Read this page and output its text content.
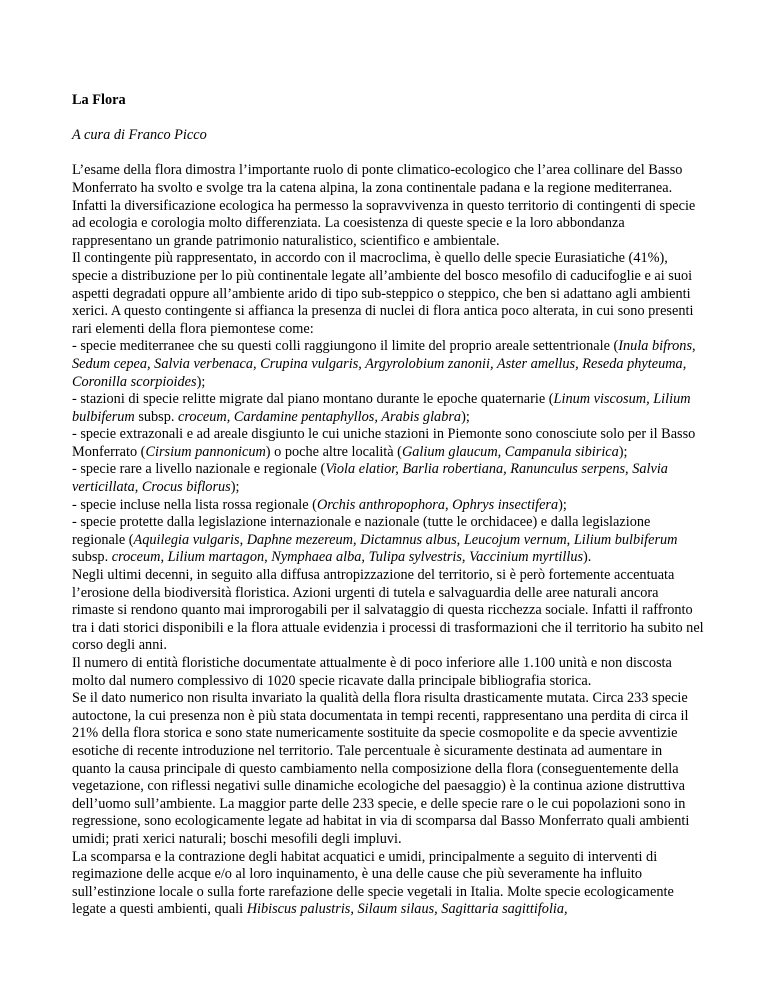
La Flora

A cura di Franco Picco

L’esame della flora dimostra l’importante ruolo di ponte climatico-ecologico che l’area collinare del Basso Monferrato ha svolto e svolge tra la catena alpina, la zona continentale padana e la regione mediterranea. Infatti la diversificazione ecologica ha permesso la sopravvivenza in questo territorio di contingenti di specie ad ecologia e corologia molto differenziata. La coesistenza di queste specie e la loro abbondanza rappresentano un grande patrimonio naturalistico, scientifico e ambientale.

Il contingente più rappresentato, in accordo con il macroclima, è quello delle specie Eurasiatiche (41%), specie a distribuzione per lo più continentale legate all’ambiente del bosco mesofilo di caducifoglie e ai suoi aspetti degradati oppure all’ambiente arido di tipo sub-steppico o steppico, che ben si adattano agli ambienti xerici. A questo contingente si affianca la presenza di nuclei di flora antica poco alterata, in cui sono presenti rari elementi della flora piemontese come:

- specie mediterranee che su questi colli raggiungono il limite del proprio areale settentrionale (Inula bifrons, Sedum cepea, Salvia verbenaca, Crupina vulgaris, Argyrolobium zanonii, Aster amellus, Reseda phyteuma, Coronilla scorpioides);

- stazioni di specie relitte migrate dal piano montano durante le epoche quaternarie (Linum viscosum, Lilium bulbiferum subsp. croceum, Cardamine pentaphyllos, Arabis glabra);

- specie extrazonali e ad areale disgiunto le cui uniche stazioni in Piemonte sono conosciute solo per il Basso Monferrato (Cirsium pannonicum) o poche altre località (Galium glaucum, Campanula sibirica);

- specie rare a livello nazionale e regionale (Viola elatior, Barlia robertiana, Ranunculus serpens, Salvia verticillata, Crocus biflorus);

- specie incluse nella lista rossa regionale (Orchis anthropophora, Ophrys insectifera);

- specie protette dalla legislazione internazionale e nazionale (tutte le orchidacee) e dalla legislazione regionale (Aquilegia vulgaris, Daphne mezereum, Dictamnus albus, Leucojum vernum, Lilium bulbiferum subsp. croceum, Lilium martagon, Nymphaea alba, Tulipa sylvestris, Vaccinium myrtillus).

Negli ultimi decenni, in seguito alla diffusa antropizzazione del territorio, si è però fortemente accentuata l’erosione della biodiversità floristica. Azioni urgenti di tutela e salvaguardia delle aree naturali ancora rimaste si rendono quanto mai improrogabili per il salvataggio di questa ricchezza sociale. Infatti il raffronto tra i dati storici disponibili e la flora attuale evidenzia i processi di trasformazioni che il territorio ha subito nel corso degli anni.

Il numero di entità floristiche documentate attualmente è di poco inferiore alle 1.100 unità e non discosta molto dal numero complessivo di 1020 specie ricavate dalla principale bibliografia storica.

Se il dato numerico non risulta invariato la qualità della flora risulta drasticamente mutata. Circa 233 specie autoctone, la cui presenza non è più stata documentata in tempi recenti, rappresentano una perdita di circa il 21% della flora storica e sono state numericamente sostituite da specie cosmopolite e da specie avventizie esotiche di recente introduzione nel territorio. Tale percentuale è sicuramente destinata ad aumentare in quanto la causa principale di questo cambiamento nella composizione della flora (conseguentemente della vegetazione, con riflessi negativi sulle dinamiche ecologiche del paesaggio) è la continua azione distruttiva dell’uomo sull’ambiente. La maggior parte delle 233 specie, e delle specie rare o le cui popolazioni sono in regressione, sono ecologicamente legate ad habitat in via di scomparsa dal Basso Monferrato quali ambienti umidi; prati xerici naturali; boschi mesofili degli impluvi.

La scomparsa e la contrazione degli habitat acquatici e umidi, principalmente a seguito di interventi di regimazione delle acque e/o al loro inquinamento, è una delle cause che più severamente ha influito sull’estinzione locale o sulla forte rarefazione delle specie vegetali in Italia. Molte specie ecologicamente legate a questi ambienti, quali Hibiscus palustris, Silaum silaus, Sagittaria sagittifolia,
